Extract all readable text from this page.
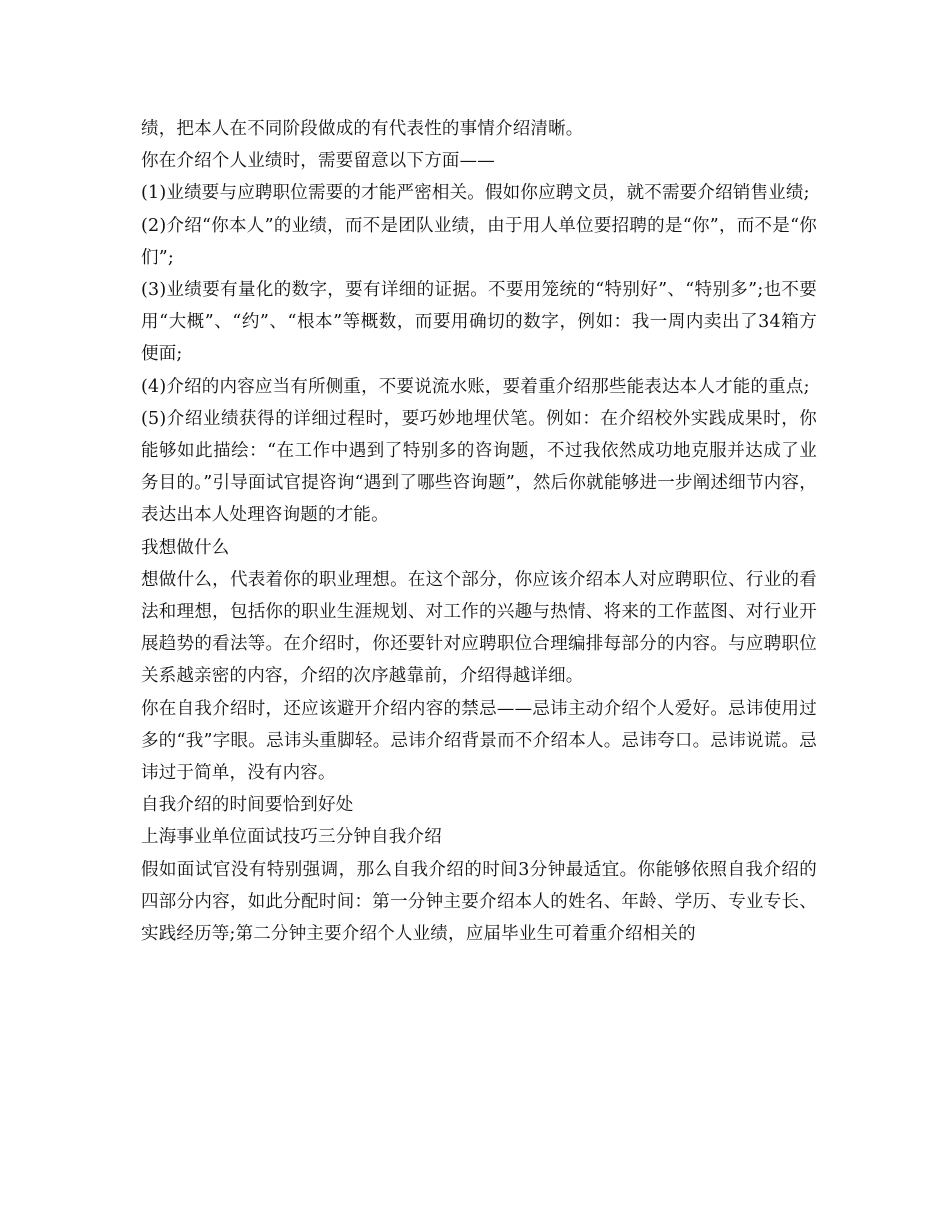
绩，把本人在不同阶段做成的有代表性的事情介绍清晰。

你在介绍个人业绩时，需要留意以下方面——

(1)业绩要与应聘职位需要的才能严密相关。假如你应聘文员，就不需要介绍销售业绩;

(2)介绍“你本人”的业绩，而不是团队业绩，由于用人单位要招聘的是“你”，而不是“你们”;

(3)业绩要有量化的数字，要有详细的证据。不要用笼统的“特别好”、“特别多”;也不要用“大概”、“约”、“根本”等概数，而要用确切的数字，例如：我一周内卖出了34箱方便面;

(4)介绍的内容应当有所侧重，不要说流水账，要着重介绍那些能表达本人才能的重点;

(5)介绍业绩获得的详细过程时，要巧妙地埋伏笔。例如：在介绍校外实践成果时，你能够如此描绘：“在工作中遇到了特别多的咨询题，不过我依然成功地克服并达成了业务目的。”引导面试官提咨询“遇到了哪些咨询题”，然后你就能够进一步阐述细节内容，表达出本人处理咨询题的才能。

我想做什么

想做什么，代表着你的职业理想。在这个部分，你应该介绍本人对应聘职位、行业的看法和理想，包括你的职业生涯规划、对工作的兴趣与热情、将来的工作蓝图、对行业开展趋势的看法等。在介绍时，你还要针对应聘职位合理编排每部分的内容。与应聘职位关系越亲密的内容，介绍的次序越靠前，介绍得越详细。

你在自我介绍时，还应该避开介绍内容的禁忌——忌讳主动介绍个人爱好。忌讳使用过多的“我”字眼。忌讳头重脚轻。忌讳介绍背景而不介绍本人。忌讳夸口。忌讳说谎。忌讳过于简单，没有内容。

自我介绍的时间要恰到好处

上海事业单位面试技巧三分钟自我介绍

假如面试官没有特别强调，那么自我介绍的时间3分钟最适宜。你能够依照自我介绍的四部分内容，如此分配时间：第一分钟主要介绍本人的姓名、年龄、学历、专业专长、实践经历等;第二分钟主要介绍个人业绩，应届毕业生可着重介绍相关的
